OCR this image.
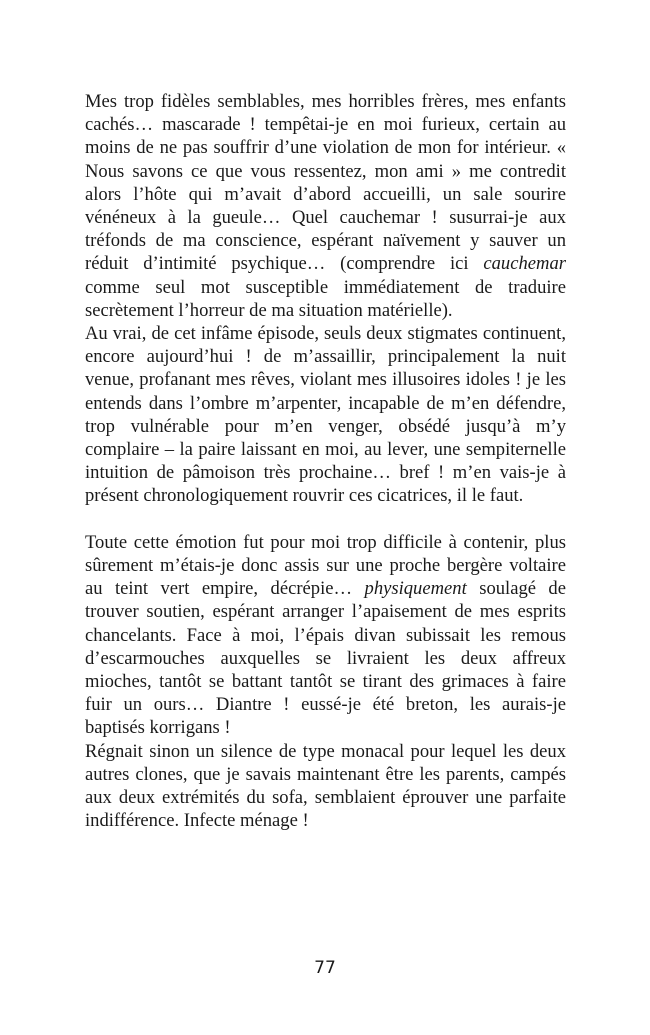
Mes trop fidèles semblables, mes horribles frères, mes enfants cachés… mascarade ! tempêtai-je en moi furieux, certain au moins de ne pas souffrir d’une violation de mon for intérieur. « Nous savons ce que vous ressentez, mon ami » me contredit alors l’hôte qui m’avait d’abord accueilli, un sale sourire vénéneux à la gueule… Quel cauchemar ! susurrai-je aux tréfonds de ma conscience, espérant naïvement y sauver un réduit d’intimité psychique… (comprendre ici cauchemar comme seul mot susceptible immédiatement de traduire secrètement l’horreur de ma situation matérielle).

Au vrai, de cet infâme épisode, seuls deux stigmates continuent, encore aujourd’hui ! de m’assaillir, principalement la nuit venue, profanant mes rêves, violant mes illusoires idoles ! je les entends dans l’ombre m’arpenter, incapable de m’en défendre, trop vulnérable pour m’en venger, obsédé jusqu’à m’y complaire – la paire laissant en moi, au lever, une sempiternelle intuition de pâmoison très prochaine… bref ! m’en vais-je à présent chronologiquement rouvrir ces cicatrices, il le faut.

Toute cette émotion fut pour moi trop difficile à contenir, plus sûrement m’étais-je donc assis sur une proche bergère voltaire au teint vert empire, décrépie… physiquement soulagé de trouver soutien, espérant arranger l’apaisement de mes esprits chancelants. Face à moi, l’épais divan subissait les remous d’escarmouches auxquelles se livraient les deux affreux mioches, tantôt se battant tantôt se tirant des grimaces à faire fuir un ours… Diantre ! eussé-je été breton, les aurais-je baptisés korrigans !

Régnait sinon un silence de type monacal pour lequel les deux autres clones, que je savais maintenant être les parents, campés aux deux extrémités du sofa, semblaient éprouver une parfaite indifférence. Infecte ménage !

77
